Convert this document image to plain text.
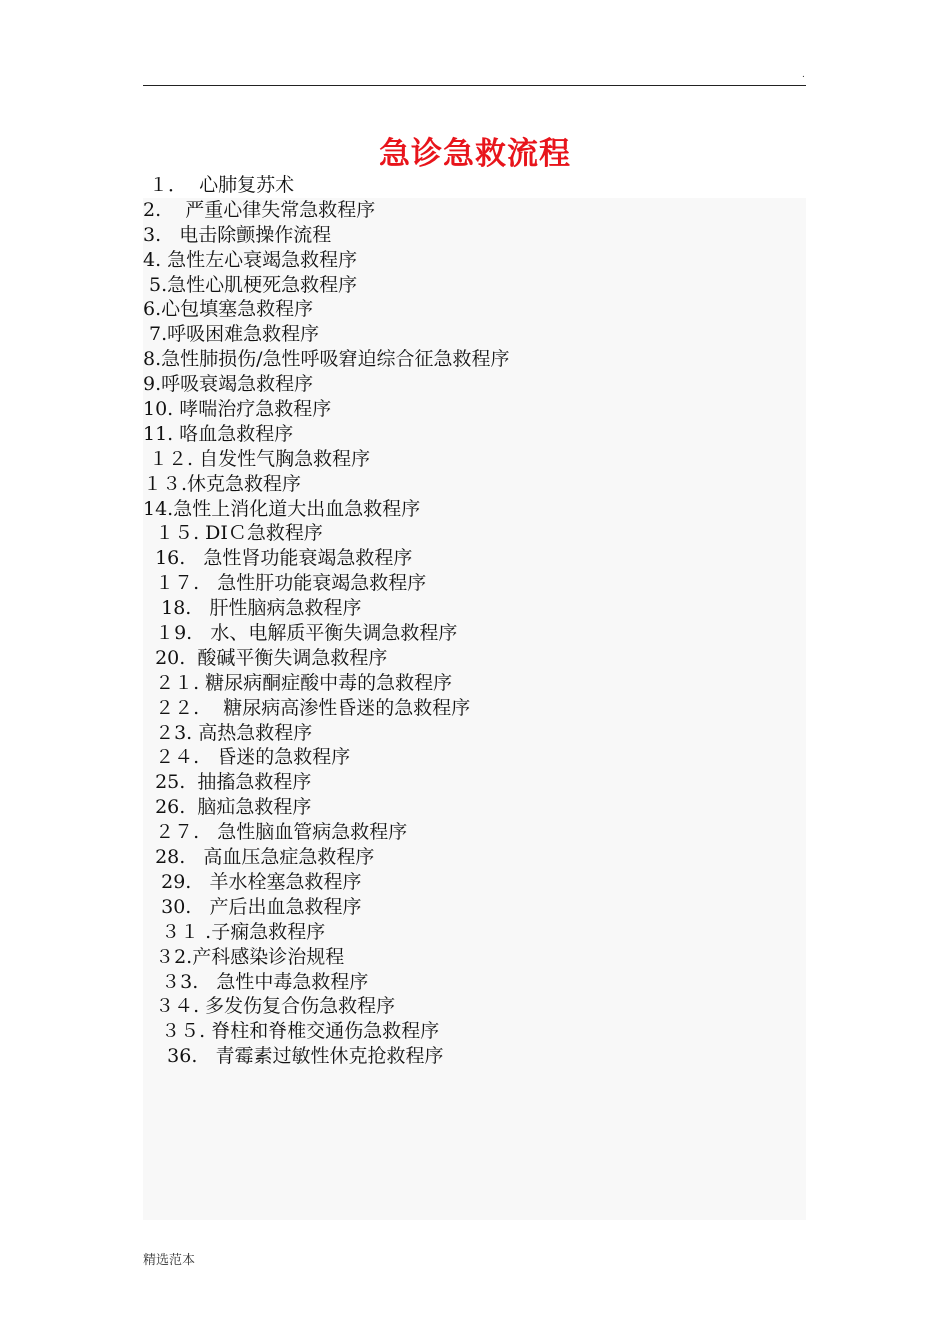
.
急诊急救流程
１．  心肺复苏术
2.    严重心律失常急救程序
3.   电击除颤操作流程
4. 急性左心衰竭急救程序
5.急性心肌梗死急救程序
6.心包填塞急救程序
7.呼吸困难急救程序
8.急性肺损伤/急性呼吸窘迫综合征急救程序
9.呼吸衰竭急救程序
10. 哮喘治疗急救程序
11. 咯血急救程序
１２. 自发性气胸急救程序
１３.休克急救程序
14.急性上消化道大出血急救程序
１５. DIＣ急救程序
16.   急性肾功能衰竭急救程序
１７.   急性肝功能衰竭急救程序
18.   肝性脑病急救程序
１9.   水、电解质平衡失调急救程序
20.  酸碱平衡失调急救程序
２１. 糖尿病酮症酸中毒的急救程序
２２.    糖尿病高渗性昏迷的急救程序
２3. 高热急救程序
２４.   昏迷的急救程序
25.  抽搐急救程序
26.  脑疝急救程序
２７.   急性脑血管病急救程序
28.   高血压急症急救程序
29.   羊水栓塞急救程序
30.   产后出血急救程序
３１ .子痫急救程序
３2.产科感染诊治规程
３3.   急性中毒急救程序
３４. 多发伤复合伤急救程序
３５. 脊柱和脊椎交通伤急救程序
36.   青霉素过敏性休克抢救程序
精选范本
